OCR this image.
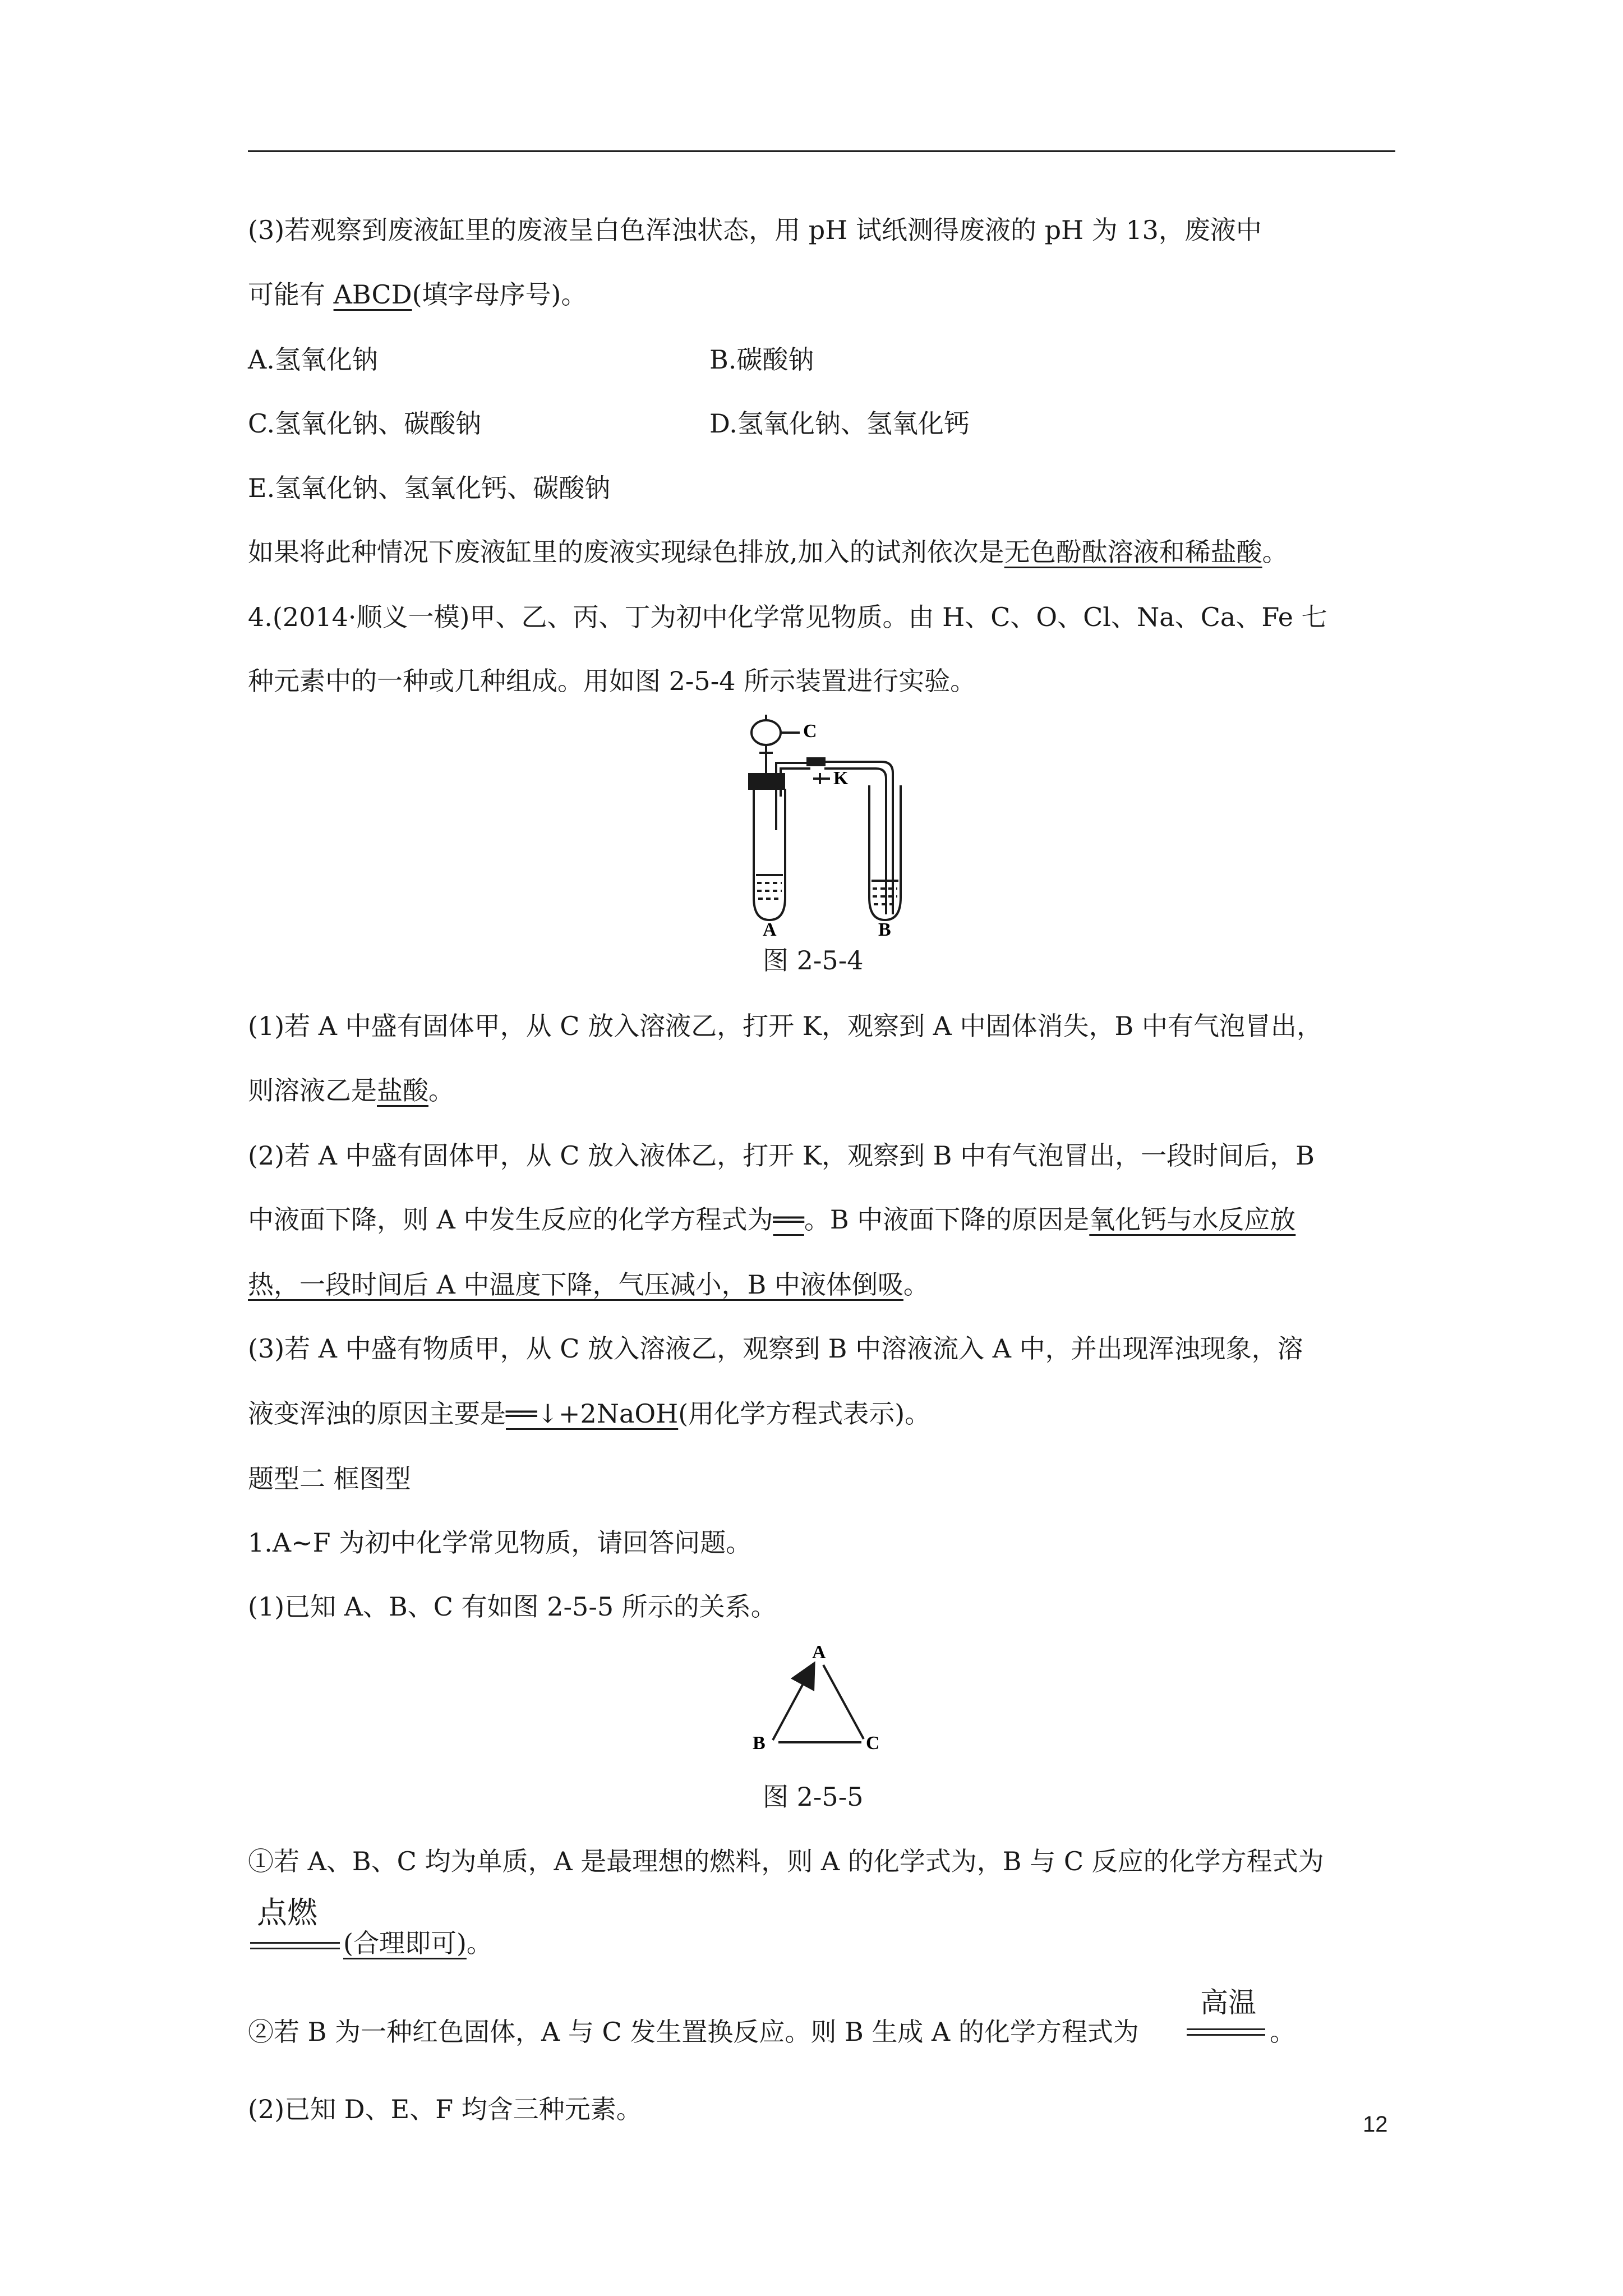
(3)若观察到废液缸里的废液呈白色浑浊状态，用 pH 试纸测得废液的 pH 为 13，废液中
可能有 ABCD(填字母序号)。
A.氢氧化钠	B.碳酸钠
C.氢氧化钠、碳酸钠	D.氢氧化钠、氢氧化钙
E.氢氧化钠、氢氧化钙、碳酸钠
如果将此种情况下废液缸里的废液实现绿色排放,加入的试剂依次是无色酚酞溶液和稀盐酸。
4.(2014·顺义一模)甲、乙、丙、丁为初中化学常见物质。由 H、C、O、Cl、Na、Ca、Fe 七
种元素中的一种或几种组成。用如图 2-5-4 所示装置进行实验。
C
K
A	B
图 2-5-4
(1)若 A 中盛有固体甲，从 C 放入溶液乙，打开 K，观察到 A 中固体消失，B 中有气泡冒出，
则溶液乙是盐酸。
(2)若 A 中盛有固体甲，从 C 放入液体乙，打开 K，观察到 B 中有气泡冒出，一段时间后，B
中液面下降，则 A 中发生反应的化学方程式为══。B 中液面下降的原因是氧化钙与水反应放
热，一段时间后 A 中温度下降，气压减小，B 中液体倒吸。
(3)若 A 中盛有物质甲，从 C 放入溶液乙，观察到 B 中溶液流入 A 中，并出现浑浊现象，溶
液变浑浊的原因主要是══↓+2NaOH(用化学方程式表示)。
题型二 框图型
1.A~F 为初中化学常见物质，请回答问题。
(1)已知 A、B、C 有如图 2-5-5 所示的关系。
A
B	C
图 2-5-5
①若 A、B、C 均为单质，A 是最理想的燃料，则 A 的化学式为，B 与 C 反应的化学方程式为
点燃
(合理即可)。
②若 B 为一种红色固体，A 与 C 发生置换反应。则 B 生成 A 的化学方程式为
高温
。
(2)已知 D、E、F 均含三种元素。	12
